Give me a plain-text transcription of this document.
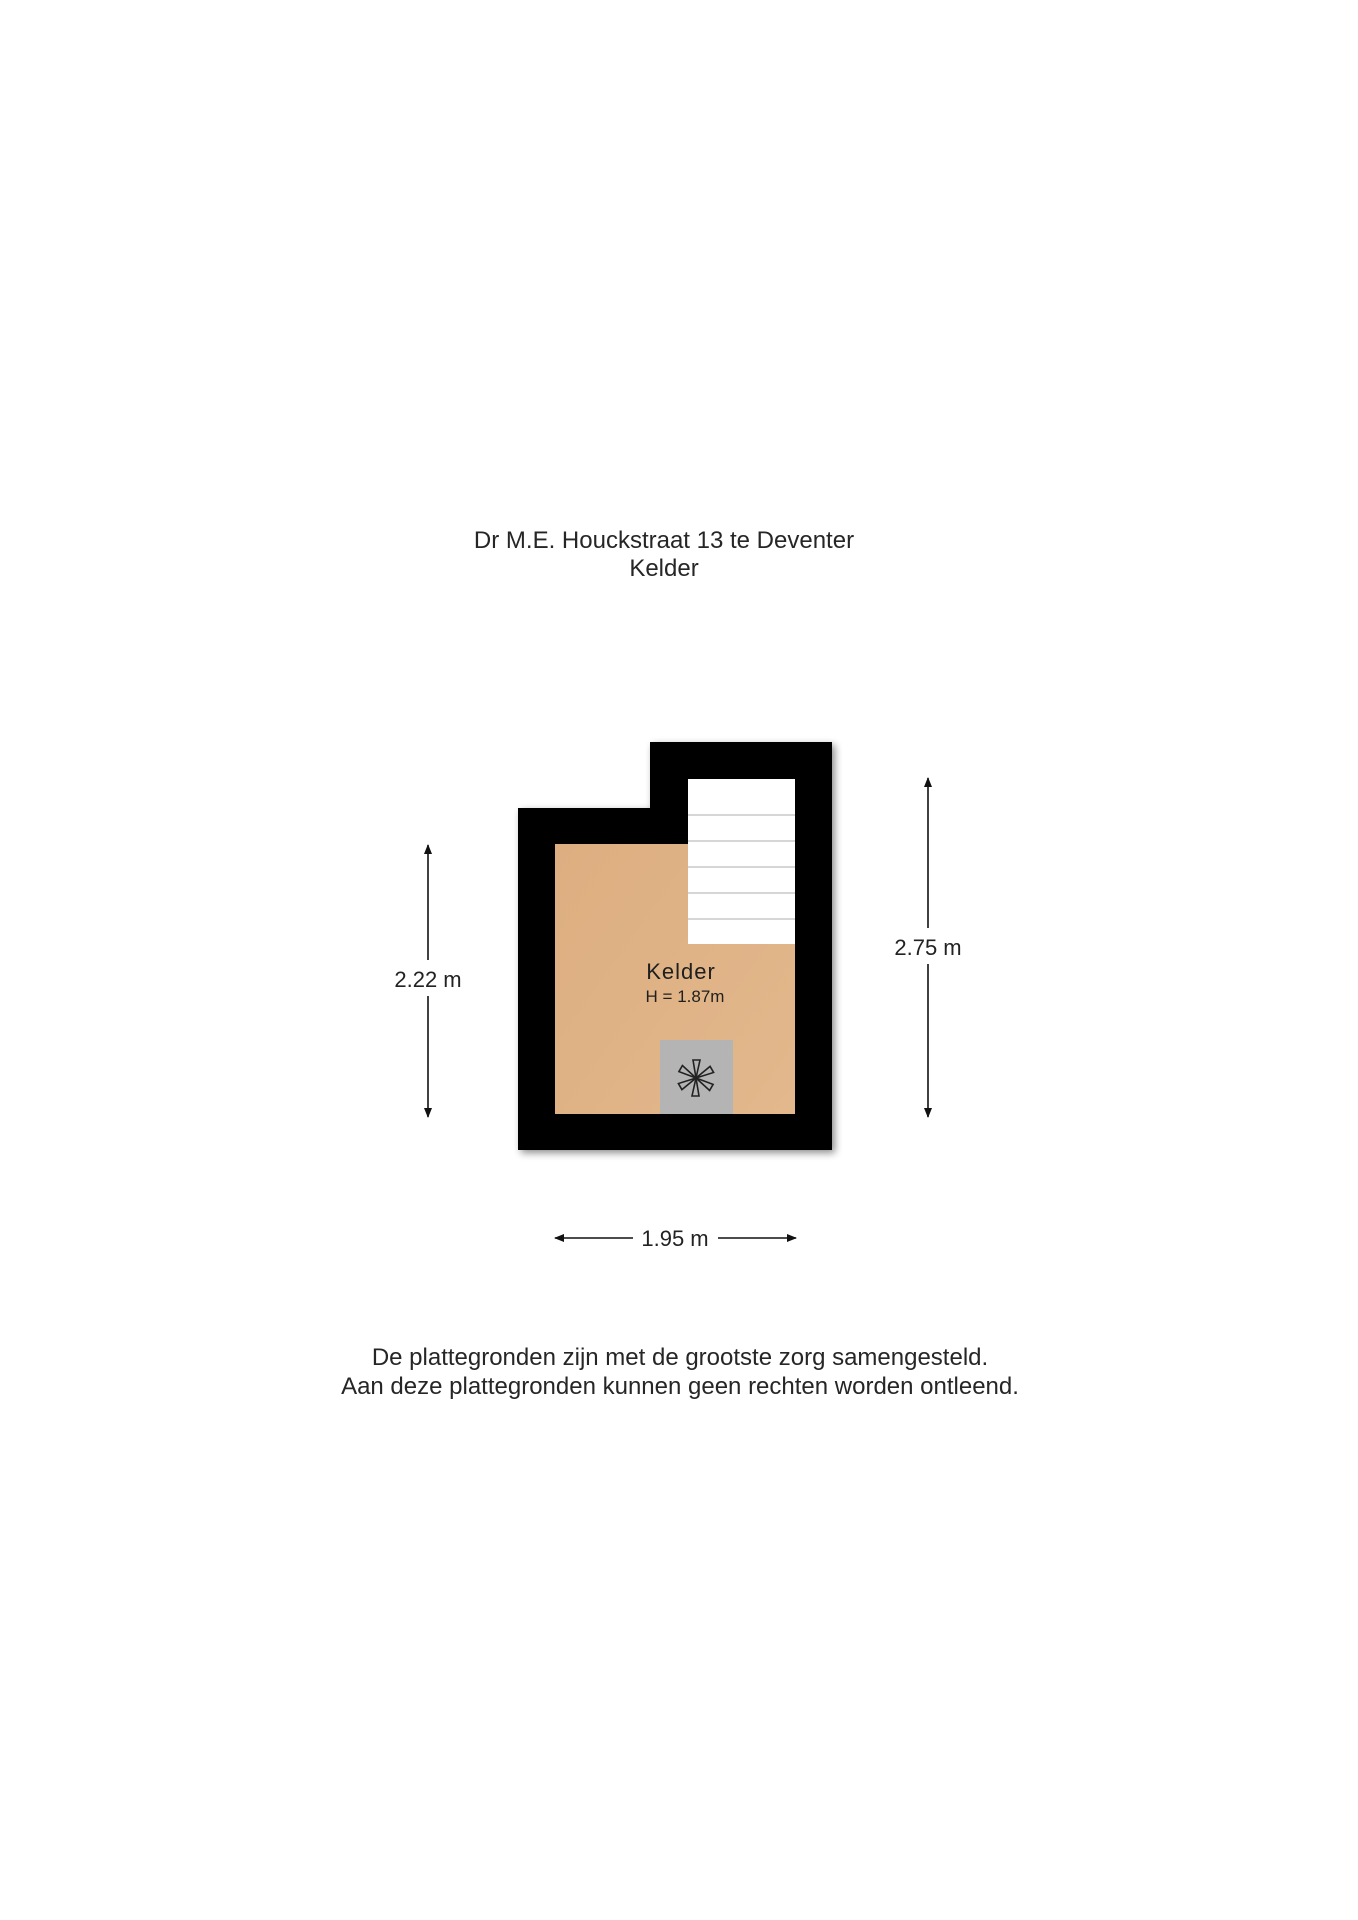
Dr M.E. Houckstraat 13 te Deventer
Kelder
Kelder
H = 1.87m
2.22 m
2.75 m
1.95 m
De plattegronden zijn met de grootste zorg samengesteld.
Aan deze plattegronden kunnen geen rechten worden ontleend.
